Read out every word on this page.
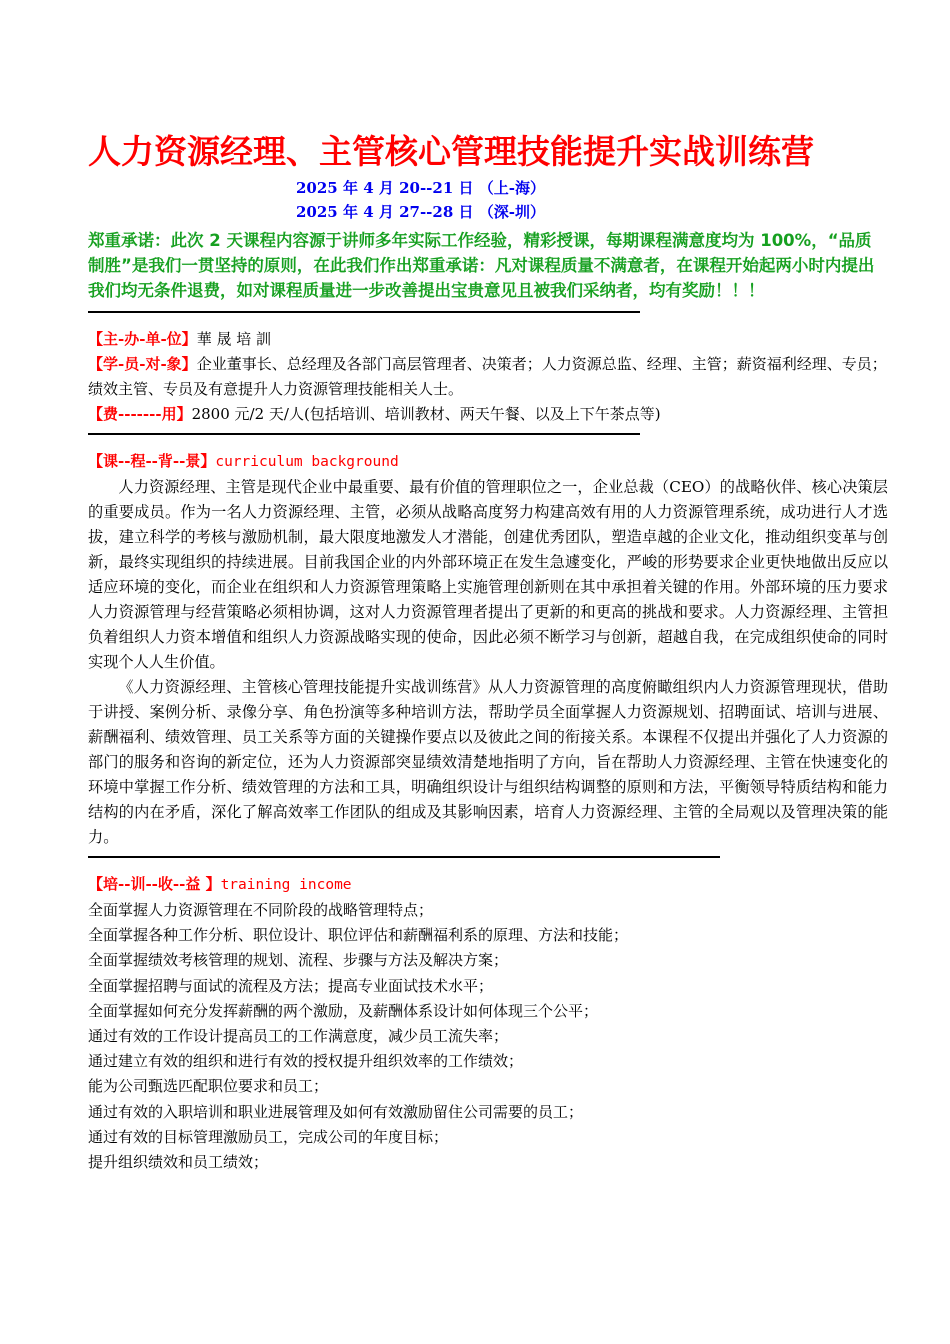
人力资源经理、主管核心管理技能提升实战训练营
2025 年 4 月 20--21 日 （上-海）
2025 年 4 月 27--28 日 （深-圳）
郑重承诺：此次 2 天课程内容源于讲师多年实际工作经验，精彩授课，每期课程满意度均为 100%，“品质制胜”是我们一贯坚持的原则，在此我们作出郑重承诺：凡对课程质量不满意者，在课程开始起两小时内提出我们均无条件退费，如对课程质量进一步改善提出宝贵意见且被我们采纳者，均有奖励！！！
【主-办-单-位】華 晟 培 訓
【学-员-对-象】企业董事长、总经理及各部门高层管理者、决策者；人力资源总监、经理、主管；薪资福利经理、专员；绩效主管、专员及有意提升人力资源管理技能相关人士。
【费-------用】2800 元/2 天/人(包括培训、培训教材、两天午餐、以及上下午茶点等)
【课--程--背--景】curriculum background

人力资源经理、主管是现代企业中最重要、最有价值的管理职位之一，企业总裁（CEO）的战略伙伴、核心决策层的重要成员。作为一名人力资源经理、主管，必须从战略高度努力构建高效有用的人力资源管理系统，成功进行人才选拔，建立科学的考核与激励机制，最大限度地激发人才潜能，创建优秀团队，塑造卓越的企业文化，推动组织变革与创新，最终实现组织的持续进展。目前我国企业的内外部环境正在发生急遽变化，严峻的形势要求企业更快地做出反应以适应环境的变化，而企业在组织和人力资源管理策略上实施管理创新则在其中承担着关键的作用。外部环境的压力要求人力资源管理与经营策略必须相协调，这对人力资源管理者提出了更新的和更高的挑战和要求。人力资源经理、主管担负着组织人力资本增值和组织人力资源战略实现的使命，因此必须不断学习与创新，超越自我，在完成组织使命的同时实现个人人生价值。

《人力资源经理、主管核心管理技能提升实战训练营》从人力资源管理的高度俯瞰组织内人力资源管理现状，借助于讲授、案例分析、录像分享、角色扮演等多种培训方法，帮助学员全面掌握人力资源规划、招聘面试、培训与进展、薪酬福利、绩效管理、员工关系等方面的关键操作要点以及彼此之间的衔接关系。本课程不仅提出并强化了人力资源的部门的服务和咨询的新定位，还为人力资源部突显绩效清楚地指明了方向，旨在帮助人力资源经理、主管在快速变化的环境中掌握工作分析、绩效管理的方法和工具，明确组织设计与组织结构调整的原则和方法，平衡领导特质结构和能力结构的内在矛盾，深化了解高效率工作团队的组成及其影响因素，培育人力资源经理、主管的全局观以及管理决策的能力。

【培--训--收--益 】training income
全面掌握人力资源管理在不同阶段的战略管理特点；
全面掌握各种工作分析、职位设计、职位评估和薪酬福利系的原理、方法和技能；
全面掌握绩效考核管理的规划、流程、步骤与方法及解决方案；
全面掌握招聘与面试的流程及方法；提高专业面试技术水平；
全面掌握如何充分发挥薪酬的两个激励，及薪酬体系设计如何体现三个公平；
通过有效的工作设计提高员工的工作满意度，减少员工流失率；
通过建立有效的组织和进行有效的授权提升组织效率的工作绩效；
能为公司甄选匹配职位要求和员工；
通过有效的入职培训和职业进展管理及如何有效激励留住公司需要的员工；
通过有效的目标管理激励员工，完成公司的年度目标；
提升组织绩效和员工绩效；
